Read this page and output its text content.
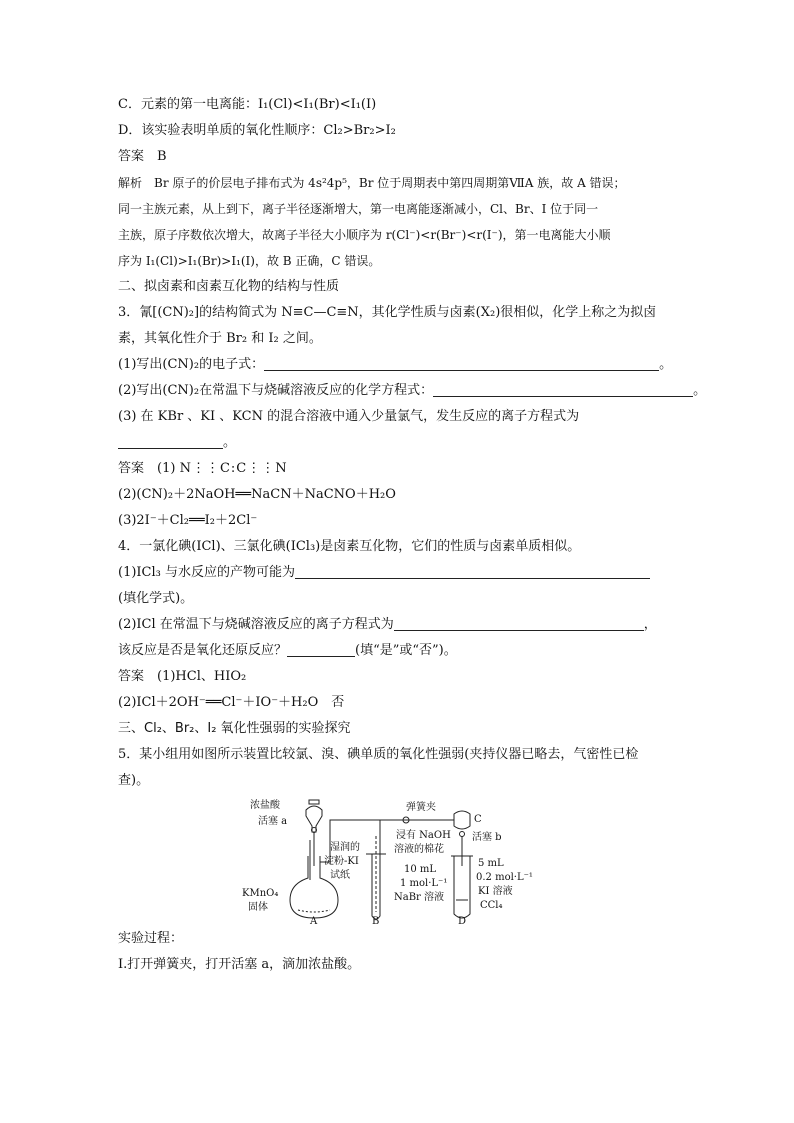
C．元素的第一电离能：I₁(Cl)<I₁(Br)<I₁(I)
D．该实验表明单质的氧化性顺序：Cl₂>Br₂>I₂
答案　B
解析　Br 原子的价层电子排布式为 4s²4p⁵，Br 位于周期表中第四周期第ⅦA 族，故 A 错误；
同一主族元素，从上到下，离子半径逐渐增大，第一电离能逐渐减小，Cl、Br、I 位于同一
主族，原子序数依次增大，故离子半径大小顺序为 r(Cl⁻)<r(Br⁻)<r(I⁻)，第一电离能大小顺
序为 I₁(Cl)>I₁(Br)>I₁(I)，故 B 正确，C 错误。
二、拟卤素和卤素互化物的结构与性质
3．氰[(CN)₂]的结构简式为 N≡C—C≡N，其化学性质与卤素(X₂)很相似，化学上称之为拟卤
素，其氧化性介于 Br₂ 和 I₂ 之间。
(1)写出(CN)₂的电子式：	。
(2)写出(CN)₂在常温下与烧碱溶液反应的化学方程式：	。
(3) 在 KBr 、KI 、KCN 的混合溶液中通入少量氯气，发生反应的离子方程式为
。
答案　(1) N⋮⋮C:C⋮⋮N
(2)(CN)₂＋2NaOH══NaCN＋NaCNO＋H₂O
(3)2I⁻＋Cl₂══I₂＋2Cl⁻
4．一氯化碘(ICl)、三氯化碘(ICl₃)是卤素互化物，它们的性质与卤素单质相似。
(1)ICl₃ 与水反应的产物可能为
(填化学式)。
(2)ICl 在常温下与烧碱溶液反应的离子方程式为	，
该反应是否是氧化还原反应？	(填“是”或“否”)。
答案　(1)HCl、HIO₂
(2)ICl＋2OH⁻══Cl⁻＋IO⁻＋H₂O　否
三、Cl₂、Br₂、I₂ 氧化性强弱的实验探究
5．某小组用如图所示装置比较氯、溴、碘单质的氧化性强弱(夹持仪器已略去，气密性已检
查)。
浓盐酸
活塞 a
KMnO₄
固体
湿润的
淀粉-KI
试纸
弹簧夹
浸有 NaOH
溶液的棉花
C
活塞 b
10 mL
1 mol·L⁻¹
NaBr 溶液
5 mL
0.2 mol·L⁻¹
KI 溶液
CCl₄
A	B	D
实验过程：
Ⅰ.打开弹簧夹，打开活塞 a，滴加浓盐酸。
